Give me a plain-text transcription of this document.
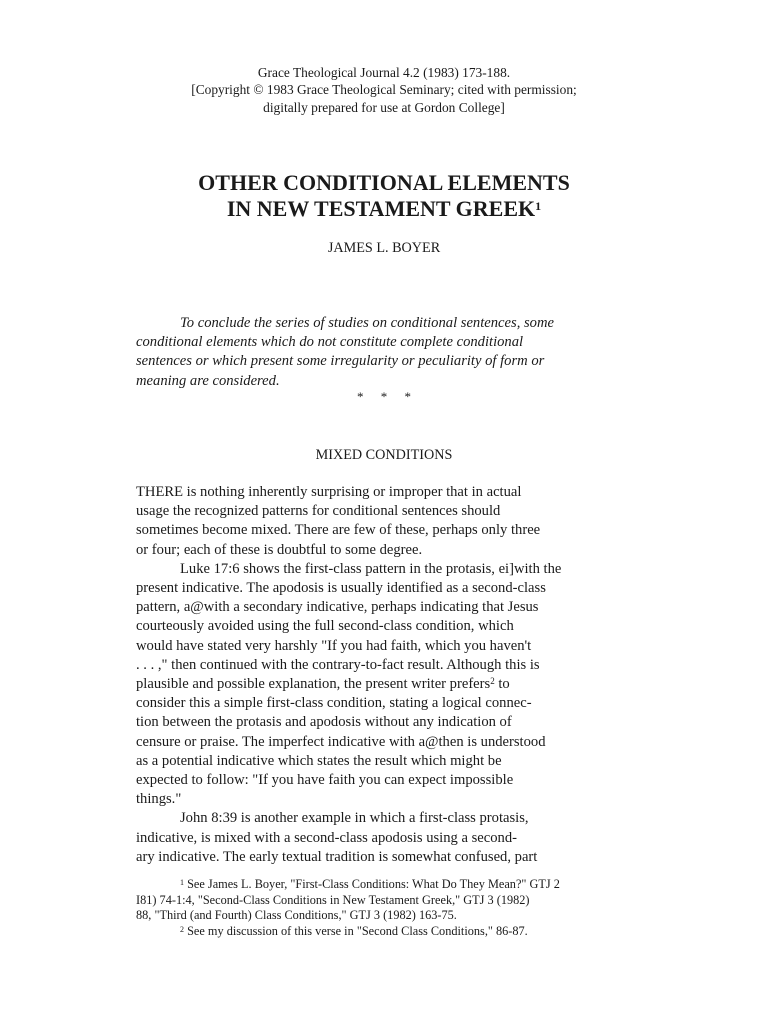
Grace Theological Journal 4.2 (1983) 173-188.
[Copyright © 1983 Grace Theological Seminary; cited with permission;
digitally prepared for use at Gordon College]
OTHER CONDITIONAL ELEMENTS
IN NEW TESTAMENT GREEK$^1$
JAMES L. BOYER
To conclude the series of studies on conditional sentences, some
conditional elements which do not constitute complete conditional
sentences or which present some irregularity or peculiarity of form or
meaning are considered.
* * *
MIXED CONDITIONS
THERE is nothing inherently surprising or improper that in actual
usage the recognized patterns for conditional sentences should
sometimes become mixed. There are few of these, perhaps only three
or four; each of these is doubtful to some degree.
Luke 17:6 shows the first-class pattern in the protasis, ei]with the
present indicative. The apodosis is usually identified as a second-class
pattern, a@with a secondary indicative, perhaps indicating that Jesus
courteously avoided using the full second-class condition, which
would have stated very harshly "If you had faith, which you haven't
. . . ," then continued with the contrary-to-fact result. Although this is
plausible and possible explanation, the present writer prefers$^2$ to
consider this a simple first-class condition, stating a logical connec-
tion between the protasis and apodosis without any indication of
censure or praise. The imperfect indicative with a@then is understood
as a potential indicative which states the result which might be
expected to follow: "If you have faith you can expect impossible
things."
John 8:39 is another example in which a first-class protasis,
indicative, is mixed with a second-class apodosis using a second-
ary indicative. The early textual tradition is somewhat confused, part
$^1$ See James L. Boyer, "First-Class Conditions: What Do They Mean?" GTJ 2
I81) 74-1:4, "Second-Class Conditions in New Testament Greek," GTJ 3 (1982)
88, "Third (and Fourth) Class Conditions," GTJ 3 (1982) 163-75.
$^2$ See my discussion of this verse in "Second Class Conditions," 86-87.
